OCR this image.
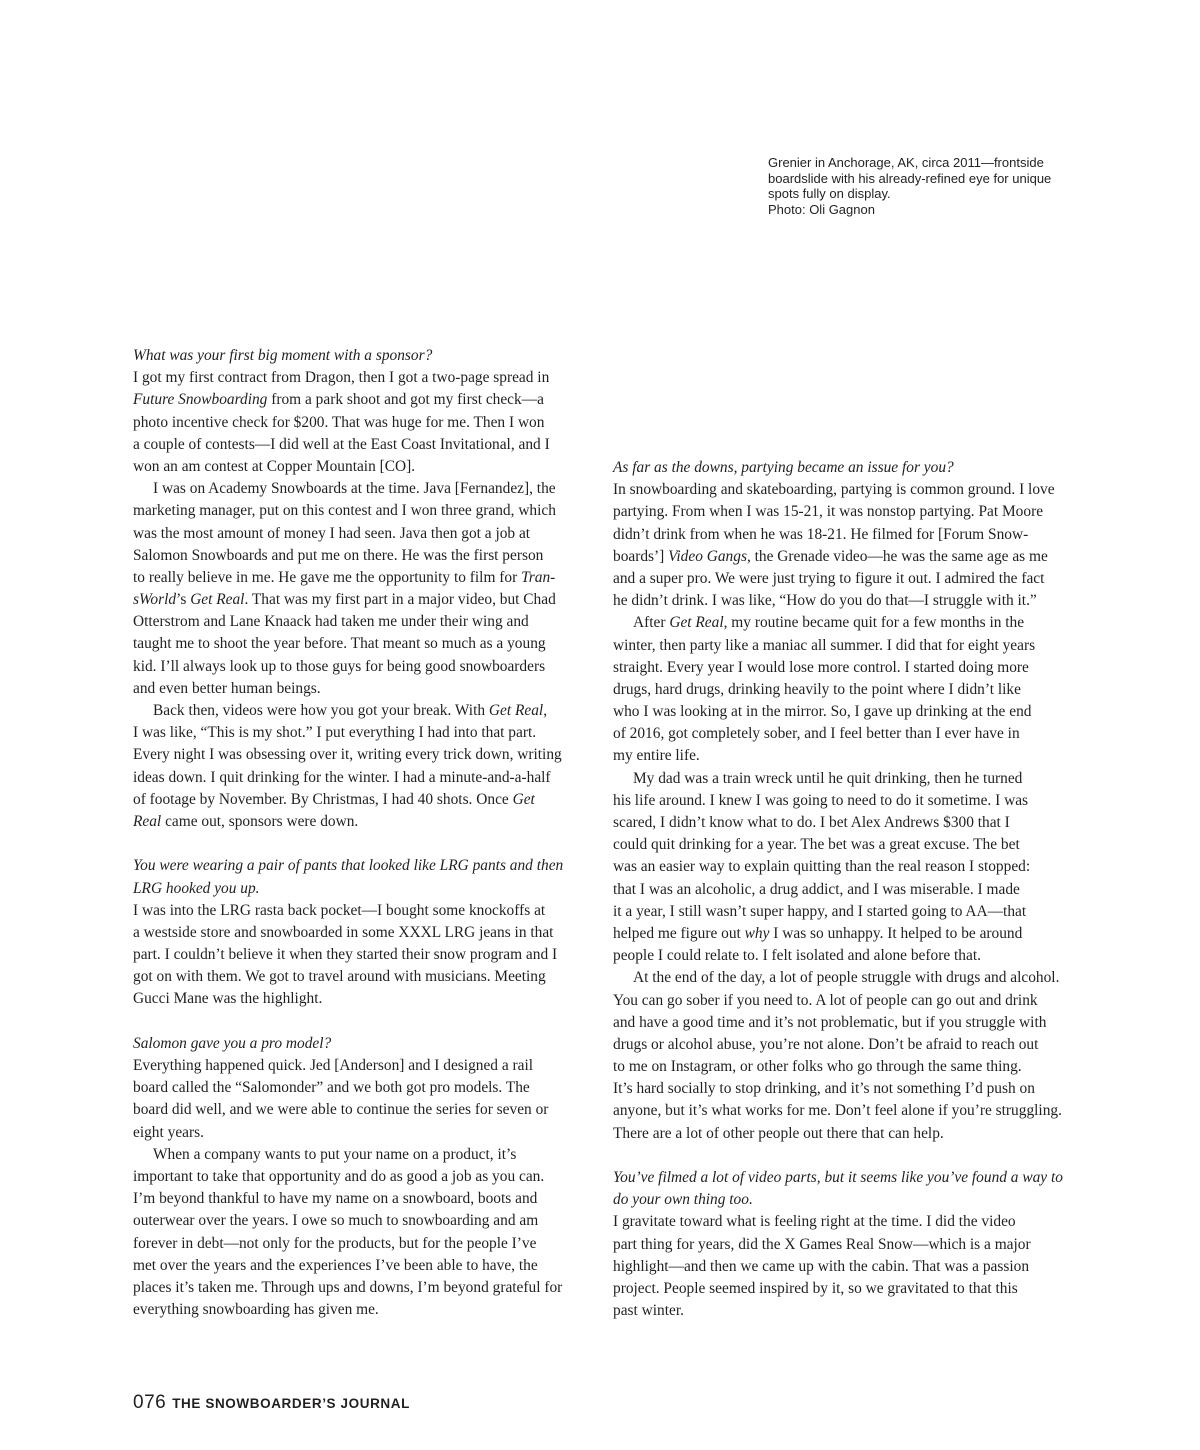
Grenier in Anchorage, AK, circa 2011—frontside
boardslide with his already-refined eye for unique
spots fully on display.
Photo: Oli Gagnon
What was your first big moment with a sponsor?
I got my first contract from Dragon, then I got a two-page spread in
Future Snowboarding from a park shoot and got my first check—a
photo incentive check for $200. That was huge for me. Then I won
a couple of contests—I did well at the East Coast Invitational, and I
won an am contest at Copper Mountain [CO].
I was on Academy Snowboards at the time. Java [Fernandez], the
marketing manager, put on this contest and I won three grand, which
was the most amount of money I had seen. Java then got a job at
Salomon Snowboards and put me on there. He was the first person
to really believe in me. He gave me the opportunity to film for Tran-
sWorld’s Get Real. That was my first part in a major video, but Chad
Otterstrom and Lane Knaack had taken me under their wing and
taught me to shoot the year before. That meant so much as a young
kid. I’ll always look up to those guys for being good snowboarders
and even better human beings.
Back then, videos were how you got your break. With Get Real,
I was like, “This is my shot.” I put everything I had into that part.
Every night I was obsessing over it, writing every trick down, writing
ideas down. I quit drinking for the winter. I had a minute-and-a-half
of footage by November. By Christmas, I had 40 shots. Once Get
Real came out, sponsors were down.
You were wearing a pair of pants that looked like LRG pants and then
LRG hooked you up.
I was into the LRG rasta back pocket—I bought some knockoffs at
a westside store and snowboarded in some XXXL LRG jeans in that
part. I couldn’t believe it when they started their snow program and I
got on with them. We got to travel around with musicians. Meeting
Gucci Mane was the highlight.
Salomon gave you a pro model?
Everything happened quick. Jed [Anderson] and I designed a rail
board called the “Salomonder” and we both got pro models. The
board did well, and we were able to continue the series for seven or
eight years.
When a company wants to put your name on a product, it’s
important to take that opportunity and do as good a job as you can.
I’m beyond thankful to have my name on a snowboard, boots and
outerwear over the years. I owe so much to snowboarding and am
forever in debt—not only for the products, but for the people I’ve
met over the years and the experiences I’ve been able to have, the
places it’s taken me. Through ups and downs, I’m beyond grateful for
everything snowboarding has given me.
As far as the downs, partying became an issue for you?
In snowboarding and skateboarding, partying is common ground. I love
partying. From when I was 15-21, it was nonstop partying. Pat Moore
didn’t drink from when he was 18-21. He filmed for [Forum Snow-
boards’] Video Gangs, the Grenade video—he was the same age as me
and a super pro. We were just trying to figure it out. I admired the fact
he didn’t drink. I was like, “How do you do that—I struggle with it.”
After Get Real, my routine became quit for a few months in the
winter, then party like a maniac all summer. I did that for eight years
straight. Every year I would lose more control. I started doing more
drugs, hard drugs, drinking heavily to the point where I didn’t like
who I was looking at in the mirror. So, I gave up drinking at the end
of 2016, got completely sober, and I feel better than I ever have in
my entire life.
My dad was a train wreck until he quit drinking, then he turned
his life around. I knew I was going to need to do it sometime. I was
scared, I didn’t know what to do. I bet Alex Andrews $300 that I
could quit drinking for a year. The bet was a great excuse. The bet
was an easier way to explain quitting than the real reason I stopped:
that I was an alcoholic, a drug addict, and I was miserable. I made
it a year, I still wasn’t super happy, and I started going to AA—that
helped me figure out why I was so unhappy. It helped to be around
people I could relate to. I felt isolated and alone before that.
At the end of the day, a lot of people struggle with drugs and alcohol.
You can go sober if you need to. A lot of people can go out and drink
and have a good time and it’s not problematic, but if you struggle with
drugs or alcohol abuse, you’re not alone. Don’t be afraid to reach out
to me on Instagram, or other folks who go through the same thing.
It’s hard socially to stop drinking, and it’s not something I’d push on
anyone, but it’s what works for me. Don’t feel alone if you’re struggling.
There are a lot of other people out there that can help.
You’ve filmed a lot of video parts, but it seems like you’ve found a way to
do your own thing too.
I gravitate toward what is feeling right at the time. I did the video
part thing for years, did the X Games Real Snow—which is a major
highlight—and then we came up with the cabin. That was a passion
project. People seemed inspired by it, so we gravitated to that this
past winter.
076 THE SNOWBOARDER’S JOURNAL
